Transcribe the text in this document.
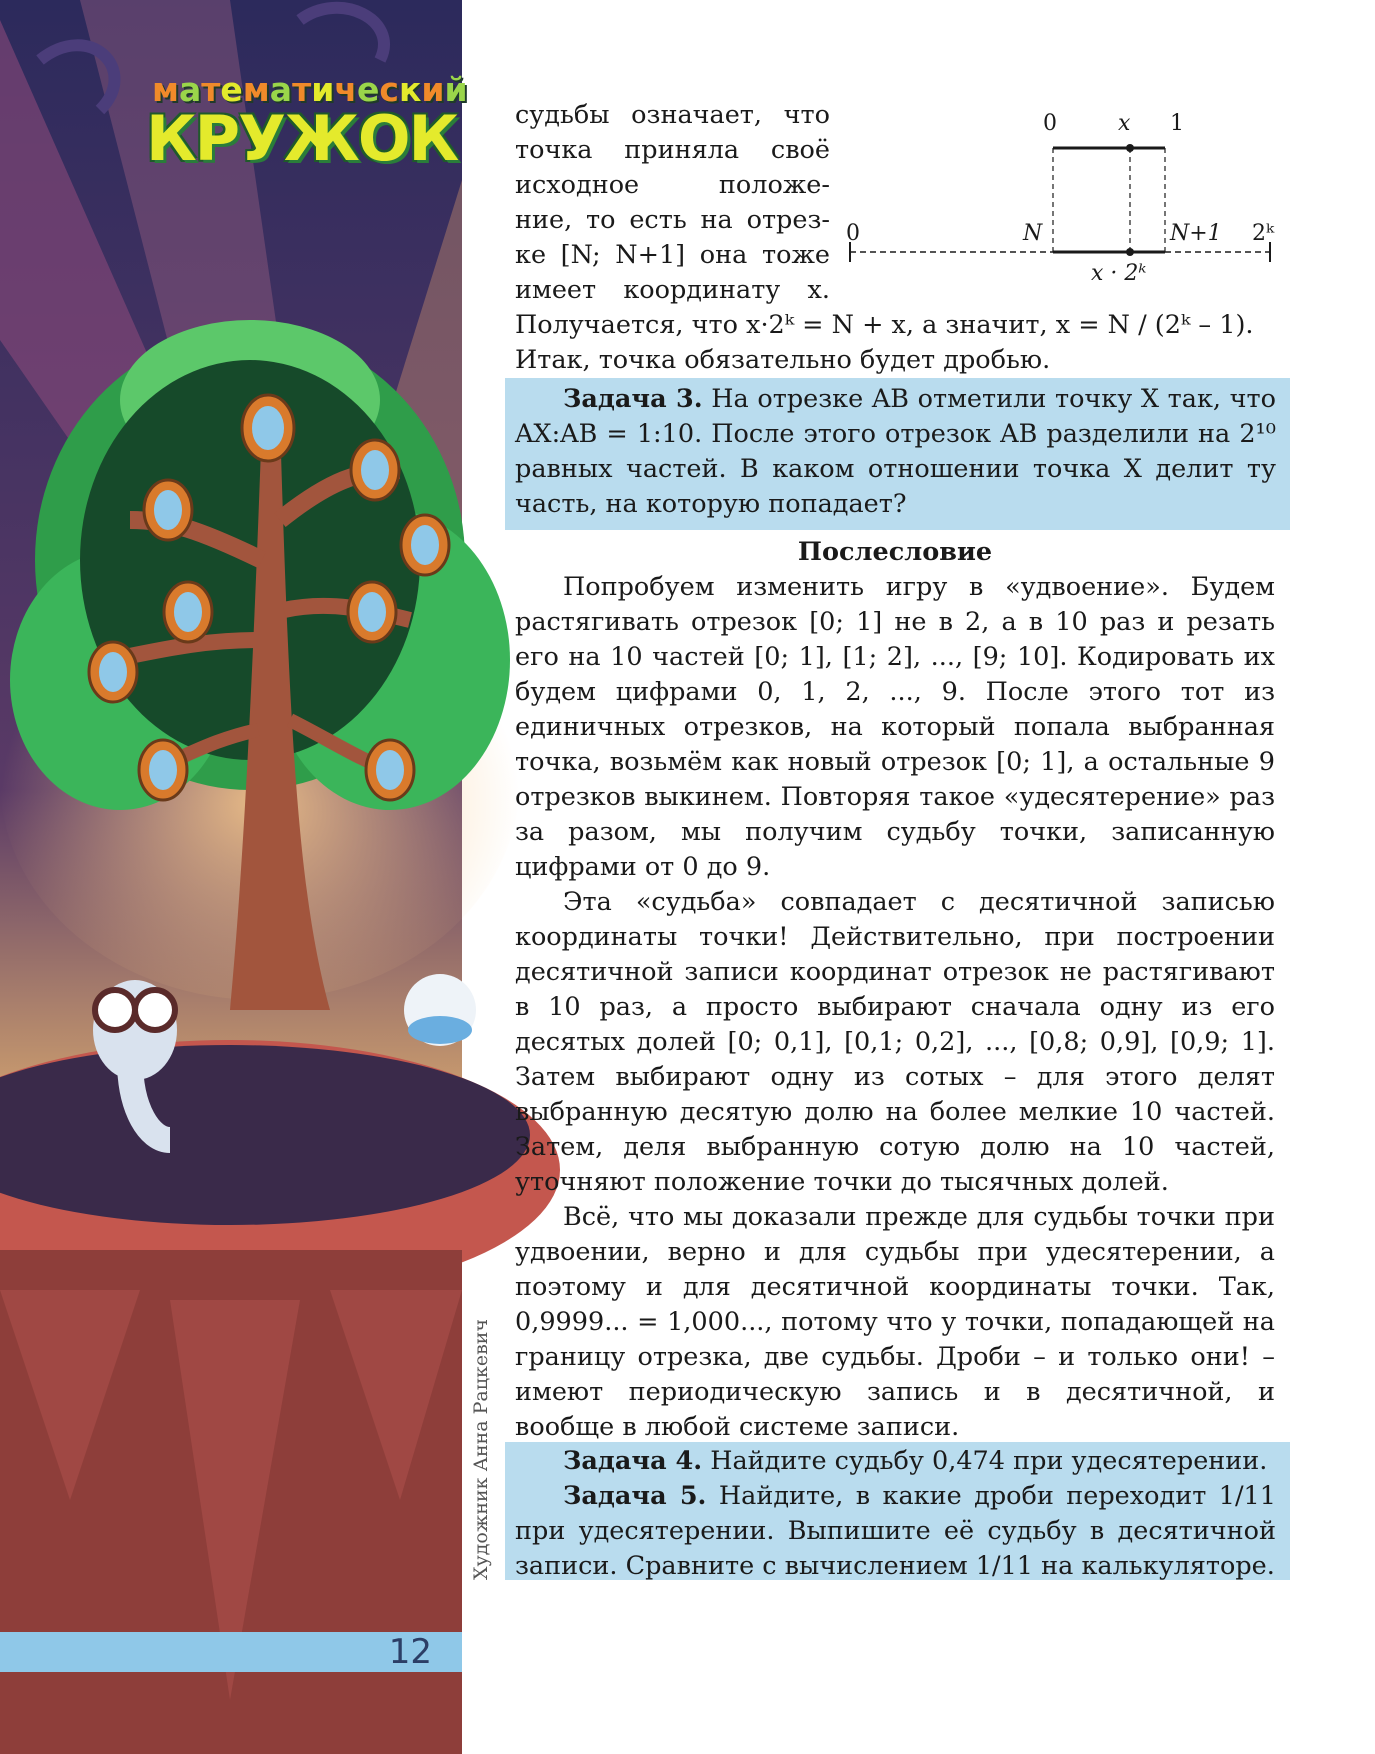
математический
КРУЖОК
12
Художник Анна Рацкевич
судьбы означает, что
точка приняла своё
исходное положе-
ние, то есть на отрез-
ке [N; N+1] она тоже
имеет координату x.
Получается, что x·2ᵏ = N + x, а значит, x = N / (2ᵏ – 1).
Итак, точка обязательно будет дробью.
0	x 1
0	N	N+1 2ᵏ
x · 2ᵏ
Задача 3. На отрезке AB отметили точку X так, что AX:AB = 1:10. После этого отрезок AB разделили на 2¹⁰ равных частей. В каком отношении точка X делит ту часть, на которую попадает?
Послесловие
Попробуем изменить игру в «удвоение». Будем растягивать отрезок [0; 1] не в 2, а в 10 раз и резать его на 10 частей [0; 1], [1; 2], ..., [9; 10]. Кодировать их будем цифрами 0, 1, 2, ..., 9. После этого тот из единичных отрезков, на который попала выбранная точка, возьмём как новый отрезок [0; 1], а остальные 9 отрезков выкинем. Повторяя такое «удесятерение» раз за разом, мы получим судьбу точки, записанную цифрами от 0 до 9.
Эта «судьба» совпадает с десятичной записью координаты точки! Действительно, при построении десятичной записи координат отрезок не растягивают в 10 раз, а просто выбирают сначала одну из его десятых долей [0; 0,1], [0,1; 0,2], ..., [0,8; 0,9], [0,9; 1]. Затем выбирают одну из сотых – для этого делят выбранную десятую долю на более мелкие 10 частей. Затем, деля выбранную сотую долю на 10 частей, уточняют положение точки до тысячных долей.
Всё, что мы доказали прежде для судьбы точки при удвоении, верно и для судьбы при удесятерении, а поэтому и для десятичной координаты точки. Так, 0,9999... = 1,000..., потому что у точки, попадающей на границу отрезка, две судьбы. Дроби – и только они! – имеют периодическую запись и в десятичной, и вообще в любой системе записи.
Задача 4. Найдите судьбу 0,474 при удесятерении.
Задача 5. Найдите, в какие дроби переходит 1/11 при удесятерении. Выпишите её судьбу в десятичной записи. Сравните с вычислением 1/11 на калькуляторе.
